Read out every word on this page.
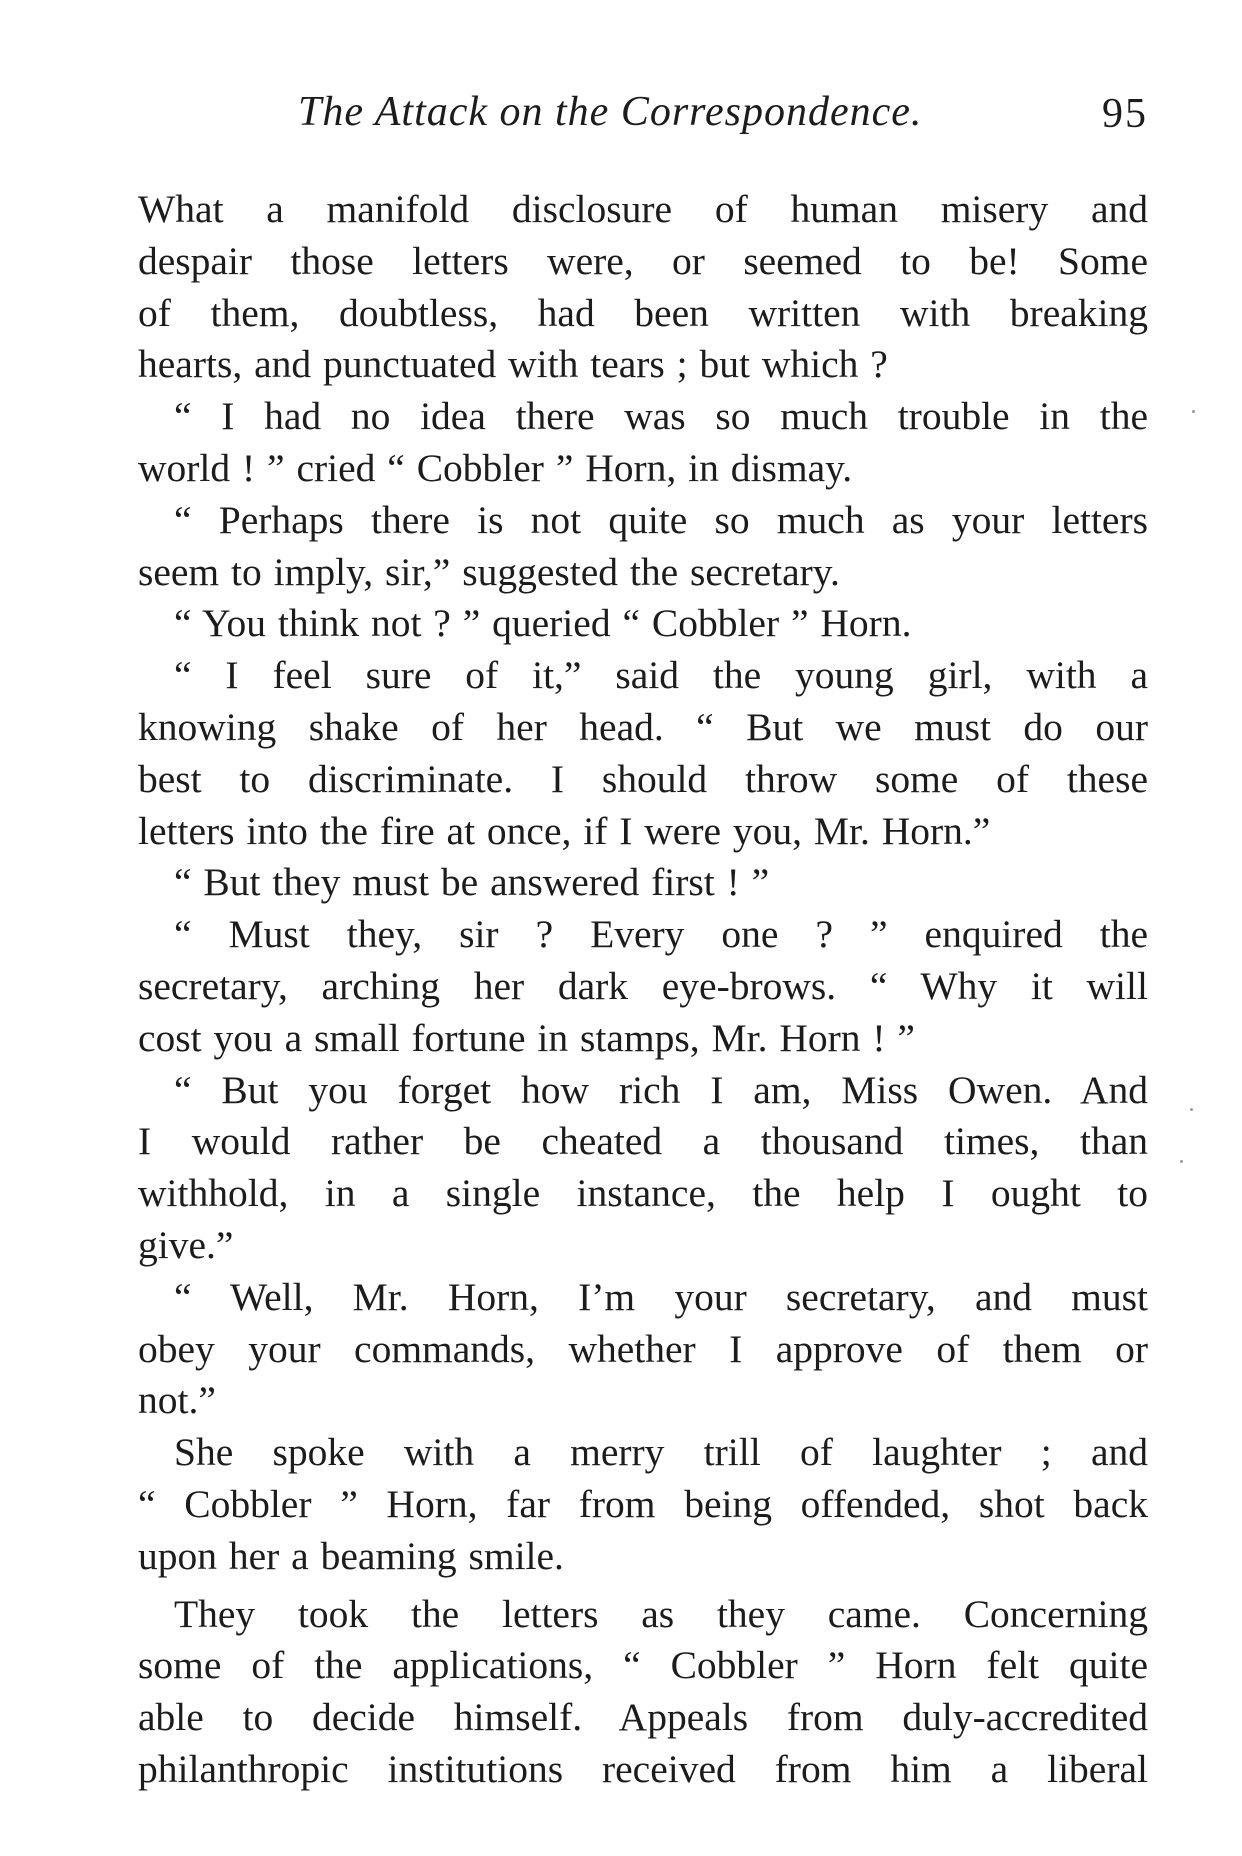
The Attack on the Correspondence.	95
What a manifold disclosure of human misery and
despair those letters were, or seemed to be! Some
of them, doubtless, had been written with breaking
hearts, and punctuated with tears ; but which ?
“ I had no idea there was so much trouble in the
world ! ” cried “ Cobbler ” Horn, in dismay.
“ Perhaps there is not quite so much as your letters
seem to imply, sir,” suggested the secretary.
“ You think not ? ” queried “ Cobbler ” Horn.
“ I feel sure of it,” said the young girl, with a
knowing shake of her head. “ But we must do our
best to discriminate. I should throw some of these
letters into the fire at once, if I were you, Mr. Horn.”
“ But they must be answered first ! ”
“ Must they, sir ? Every one ? ” enquired the
secretary, arching her dark eye-brows. “ Why it will
cost you a small fortune in stamps, Mr. Horn ! ”
“ But you forget how rich I am, Miss Owen. And
I would rather be cheated a thousand times, than
withhold, in a single instance, the help I ought to
give.”
“ Well, Mr. Horn, I’m your secretary, and must
obey your commands, whether I approve of them or
not.”
She spoke with a merry trill of laughter ; and
“ Cobbler ” Horn, far from being offended, shot back
upon her a beaming smile.
They took the letters as they came. Concerning
some of the applications, “ Cobbler ” Horn felt quite
able to decide himself. Appeals from duly-accredited
philanthropic institutions received from him a liberal
